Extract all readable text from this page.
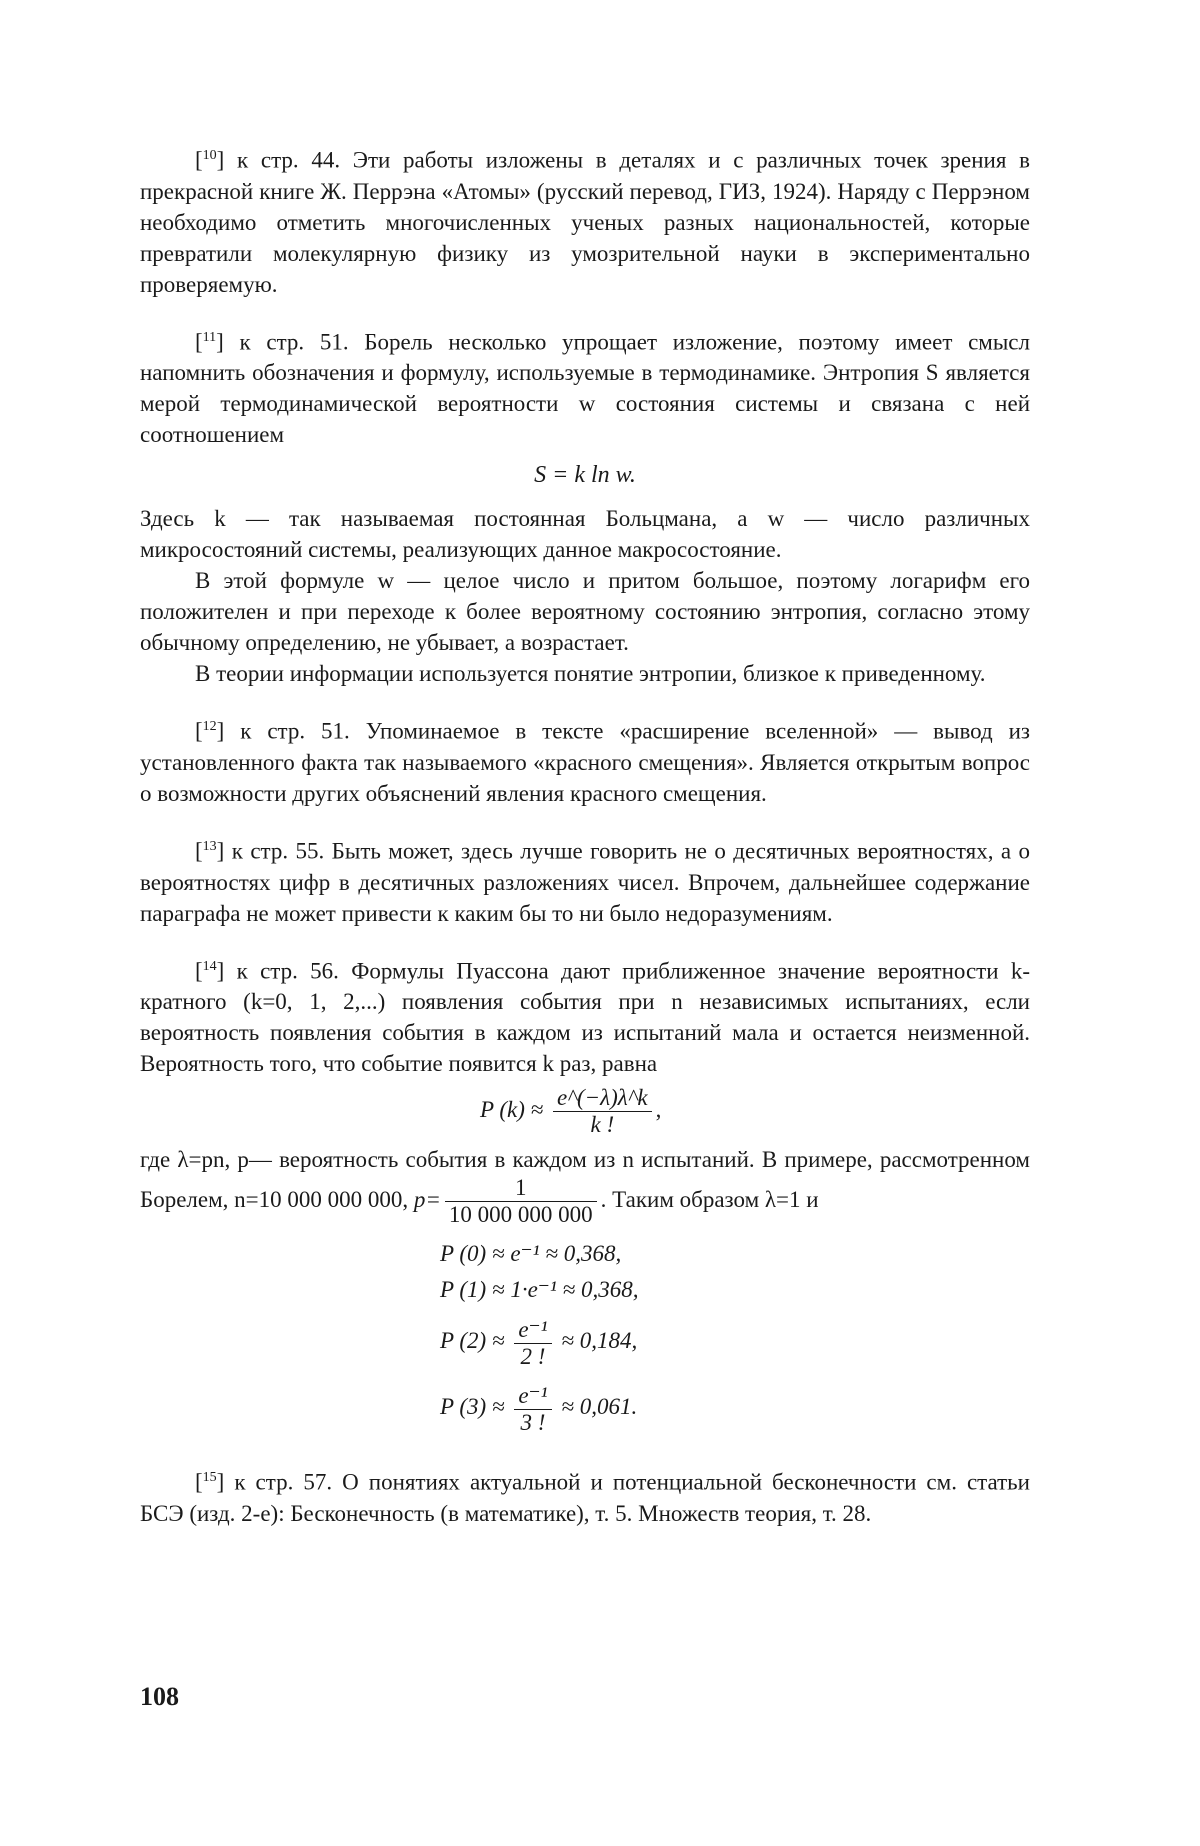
[$^{10}$] к стр. 44. Эти работы изложены в деталях и с различных точек зрения в прекрасной книге Ж. Перрэна «Атомы» (русский перевод, ГИЗ, 1924). Наряду с Перрэном необходимо отметить многочисленных ученых разных национальностей, которые превратили молекулярную физику из умозрительной науки в экспериментально проверяемую.

[$^{11}$] к стр. 51. Борель несколько упрощает изложение, поэтому имеет смысл напомнить обозначения и формулу, используемые в термодинамике. Энтропия S является мерой термодинамической вероятности w состояния системы и связана с ней соотношением

S = k ln w.

Здесь k — так называемая постоянная Больцмана, а w — число различных микросостояний системы, реализующих данное макросостояние.

В этой формуле w — целое число и притом большое, поэтому логарифм его положителен и при переходе к более вероятному состоянию энтропия, согласно этому обычному определению, не убывает, а возрастает.

В теории информации используется понятие энтропии, близкое к приведенному.

[$^{12}$] к стр. 51. Упоминаемое в тексте «расширение вселенной» — вывод из установленного факта так называемого «красного смещения». Является открытым вопрос о возможности других объяснений явления красного смещения.

[$^{13}$] к стр. 55. Быть может, здесь лучше говорить не о десятичных вероятностях, а о вероятностях цифр в десятичных разложениях чисел. Впрочем, дальнейшее содержание параграфа не может привести к каким бы то ни было недоразумениям.

[$^{14}$] к стр. 56. Формулы Пуассона дают приближенное значение вероятности k-кратного (k=0, 1, 2,...) появления события при n независимых испытаниях, если вероятность появления события в каждом из испытаний мала и остается неизменной. Вероятность того, что событие появится k раз, равна

P $(k) \approx \frac{e\^{}(-\lambda)\lambda\^{}k}{k !}$ ,

где λ=pn, p— вероятность события в каждом из n испытаний. В примере, рассмотренном Борелем, n=10 000 000 000, $p= \frac{1}{10 000 000 000}$ . Таким образом λ=1 и

P (0) ≈ e⁻¹ ≈ 0,368,
P (1) ≈ 1·e⁻¹ ≈ 0,368,
P $(2) \approx \frac{\text{e⁻¹}}{2 !} \approx 0,184$,
P $(3) \approx \frac{\text{e⁻¹}}{3 !} \approx 0,061$.

[$^{15}$] к стр. 57. О понятиях актуальной и потенциальной бесконечности см. статьи БСЭ (изд. 2-е): Бесконечность (в математике), т. 5. Множеств теория, т. 28.

108
